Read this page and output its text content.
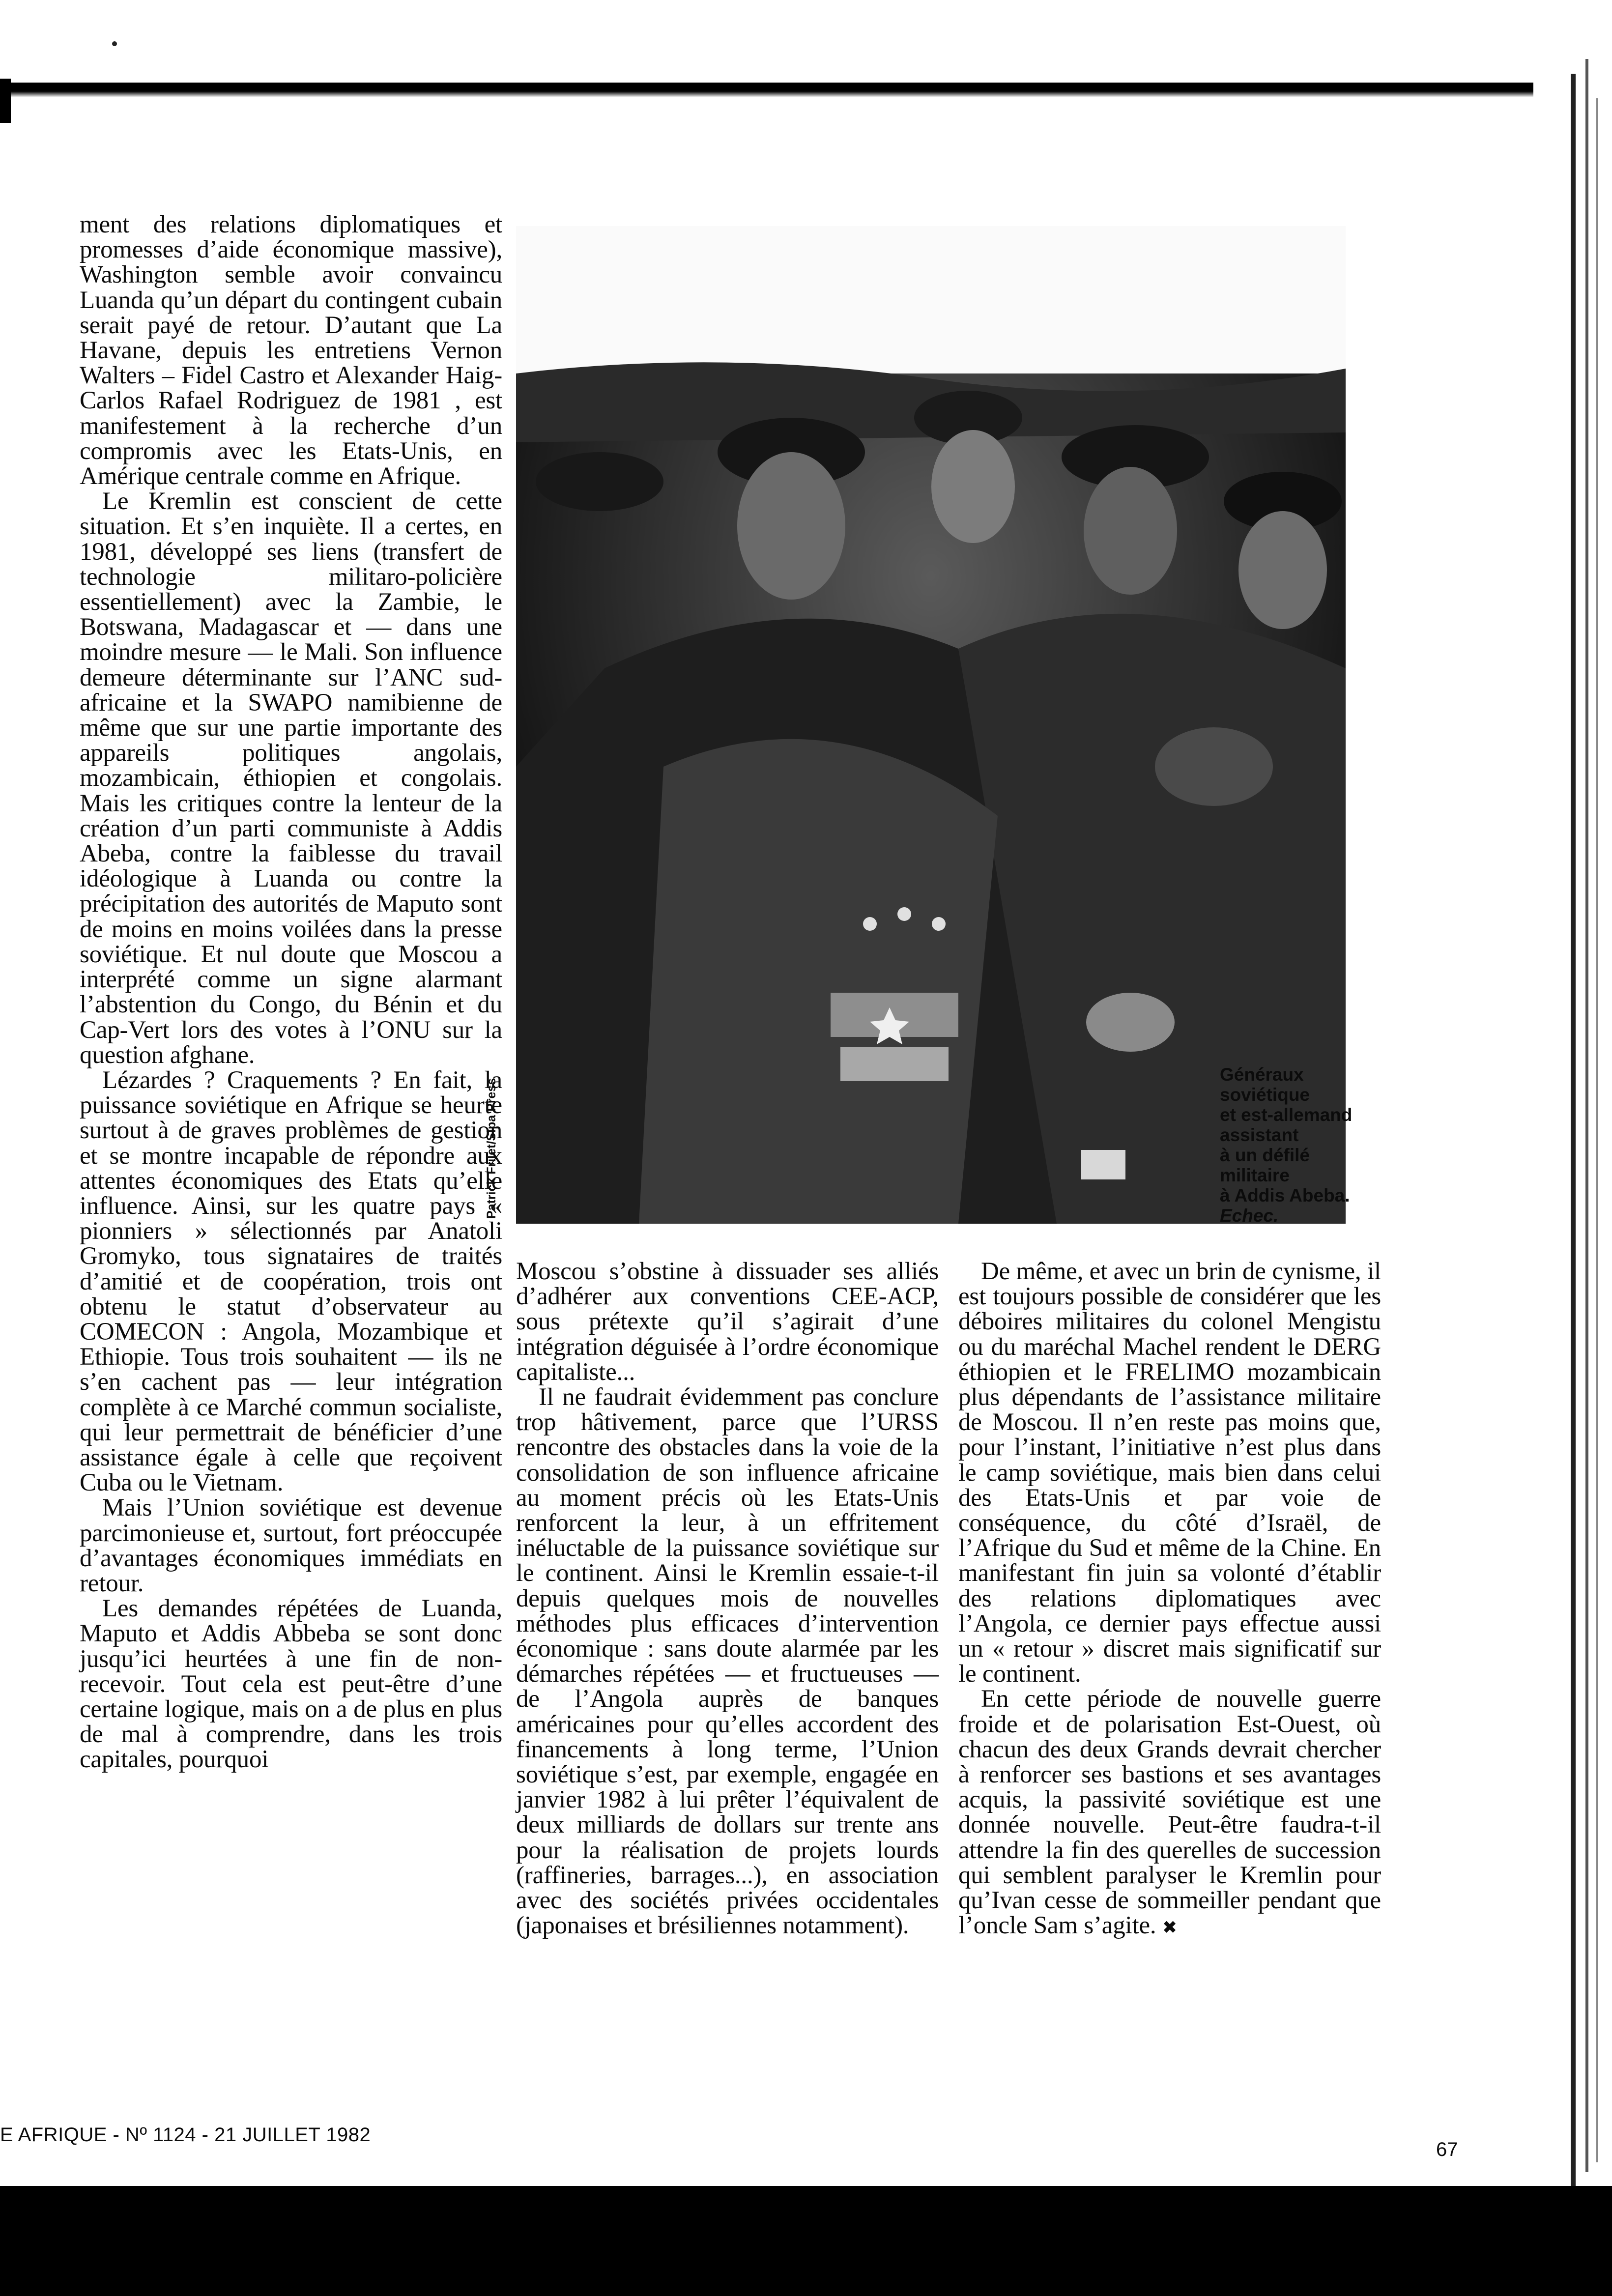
ment des relations diplomatiques et promesses d’aide économique massive), Washington semble avoir convaincu Luanda qu’un départ du contingent cubain serait payé de retour. D’autant que La Havane, depuis les entretiens Vernon Walters – Fidel Castro et Alexander Haig-Carlos Rafael Rodriguez de 1981 , est manifestement à la recherche d’un compromis avec les Etats-Unis, en Amérique centrale comme en Afrique.

Le Kremlin est conscient de cette situation. Et s’en inquiète. Il a certes, en 1981, développé ses liens (transfert de technologie militaro-policière essentiellement) avec la Zambie, le Botswana, Madagascar et — dans une moindre mesure — le Mali. Son influence demeure déterminante sur l’ANC sud-africaine et la SWAPO namibienne de même que sur une partie importante des appareils politiques angolais, mozambicain, éthiopien et congolais. Mais les critiques contre la lenteur de la création d’un parti communiste à Addis Abeba, contre la faiblesse du travail idéologique à Luanda ou contre la précipitation des autorités de Maputo sont de moins en moins voilées dans la presse soviétique. Et nul doute que Moscou a interprété comme un signe alarmant l’abstention du Congo, du Bénin et du Cap-Vert lors des votes à l’ONU sur la question afghane.

Lézardes ? Craquements ? En fait, la puissance soviétique en Afrique se heurte surtout à de graves problèmes de gestion et se montre incapable de répondre aux attentes économiques des Etats qu’elle influence. Ainsi, sur les quatre pays « pionniers » sélectionnés par Anatoli Gromyko, tous signataires de traités d’amitié et de coopération, trois ont obtenu le statut d’observateur au COMECON : Angola, Mozambique et Ethiopie. Tous trois souhaitent — ils ne s’en cachent pas — leur intégration complète à ce Marché commun socialiste, qui leur permettrait de bénéficier d’une assistance égale à celle que reçoivent Cuba ou le Vietnam.

Mais l’Union soviétique est devenue parcimonieuse et, surtout, fort préoccupée d’avantages économiques immédiats en retour.

Les demandes répétées de Luanda, Maputo et Addis Abbeba se sont donc jusqu’ici heurtées à une fin de non-recevoir. Tout cela est peut-être d’une certaine logique, mais on a de plus en plus de mal à comprendre, dans les trois capitales, pourquoi

Patrick Frilet/Sipa Press
Généraux
soviétique
et est-allemand
assistant
à un défilé
militaire
à Addis Abeba.
Echec.

Moscou s’obstine à dissuader ses alliés d’adhérer aux conventions CEE-ACP, sous prétexte qu’il s’agirait d’une intégration déguisée à l’ordre économique capitaliste...

Il ne faudrait évidemment pas conclure trop hâtivement, parce que l’URSS rencontre des obstacles dans la voie de la consolidation de son influence africaine au moment précis où les Etats-Unis renforcent la leur, à un effritement inéluctable de la puissance soviétique sur le continent. Ainsi le Kremlin essaie-t-il depuis quelques mois de nouvelles méthodes plus efficaces d’intervention économique : sans doute alarmée par les démarches répétées — et fructueuses — de l’Angola auprès de banques américaines pour qu’elles accordent des financements à long terme, l’Union soviétique s’est, par exemple, engagée en janvier 1982 à lui prêter l’équivalent de deux milliards de dollars sur trente ans pour la réalisation de projets lourds (raffineries, barrages...), en association avec des sociétés privées occidentales (japonaises et brésiliennes notamment).

De même, et avec un brin de cynisme, il est toujours possible de considérer que les déboires militaires du colonel Mengistu ou du maréchal Machel rendent le DERG éthiopien et le FRELIMO mozambicain plus dépendants de l’assistance militaire de Moscou. Il n’en reste pas moins que, pour l’instant, l’initiative n’est plus dans le camp soviétique, mais bien dans celui des Etats-Unis et par voie de conséquence, du côté d’Israël, de l’Afrique du Sud et même de la Chine. En manifestant fin juin sa volonté d’établir des relations diplomatiques avec l’Angola, ce dernier pays effectue aussi un « retour » discret mais significatif sur le continent.

En cette période de nouvelle guerre froide et de polarisation Est-Ouest, où chacun des deux Grands devrait chercher à renforcer ses bastions et ses avantages acquis, la passivité soviétique est une donnée nouvelle. Peut-être faudra-t-il attendre la fin des querelles de succession qui semblent paralyser le Kremlin pour qu’Ivan cesse de sommeiller pendant que l’oncle Sam s’agite. ✖

E AFRIQUE - Nº 1124 - 21 JUILLET 1982
67
